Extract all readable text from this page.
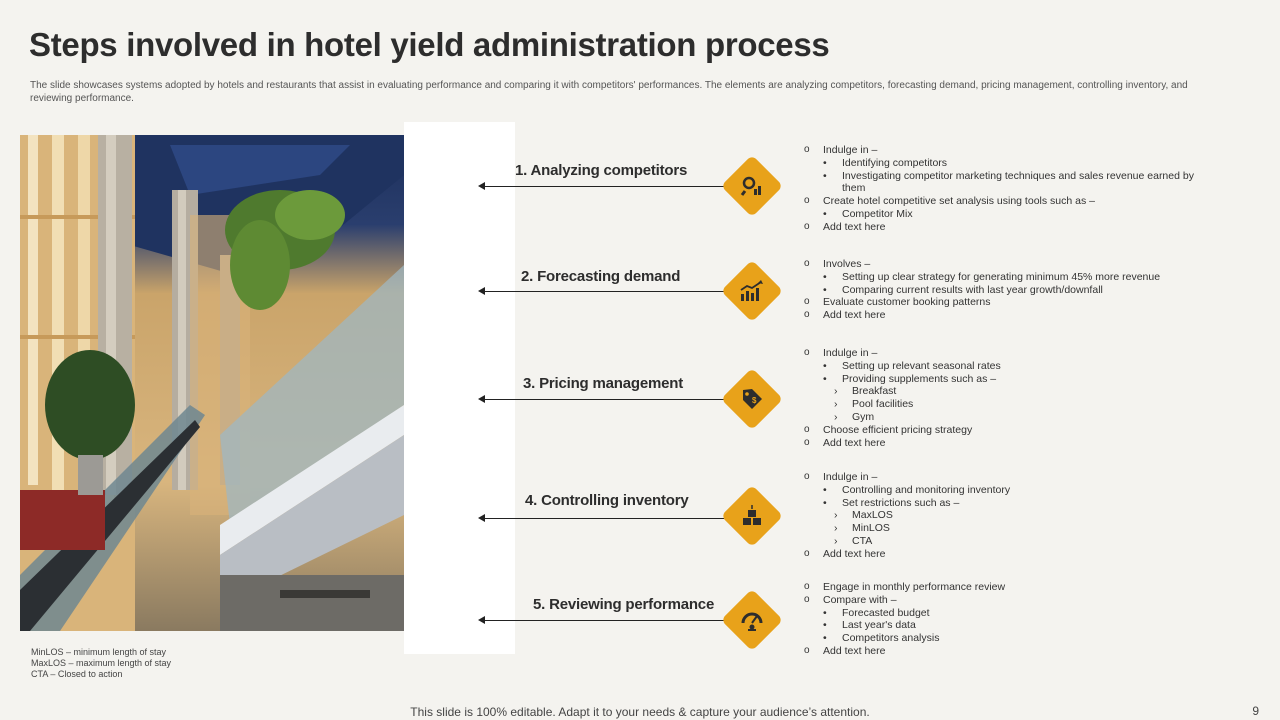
Steps involved in hotel yield administration process

The slide showcases systems adopted by hotels and restaurants that assist in evaluating performance and comparing it with competitors' performances. The elements are analyzing competitors, forecasting demand, pricing management, controlling inventory, and reviewing performance.

MinLOS – minimum length of stay
MaxLOS – maximum length of stay
CTA – Closed to action
1. Analyzing competitors
2. Forecasting demand
3. Pricing management
$
4. Controlling inventory
5. Reviewing performance
o Indulge in –
• Identifying competitors
• Investigating competitor marketing techniques and sales revenue earned by them
o Create hotel competitive set analysis using tools such as –
• Competitor Mix
o Add text here
o Involves –
• Setting up clear strategy for generating minimum 45% more revenue
• Comparing current results with last year growth/downfall
o Evaluate customer booking patterns
o Add text here
o Indulge in –
• Setting up relevant seasonal rates
• Providing supplements such as –
› Breakfast
› Pool facilities
› Gym
o Choose efficient pricing strategy
o Add text here
o Indulge in –
• Controlling and monitoring inventory
• Set restrictions such as –
› MaxLOS
› MinLOS
› CTA
o Add text here
o Engage in monthly performance review
o Compare with –
• Forecasted budget
• Last year's data
• Competitors analysis
o Add text here
This slide is 100% editable. Adapt it to your needs & capture your audience’s attention.	9
